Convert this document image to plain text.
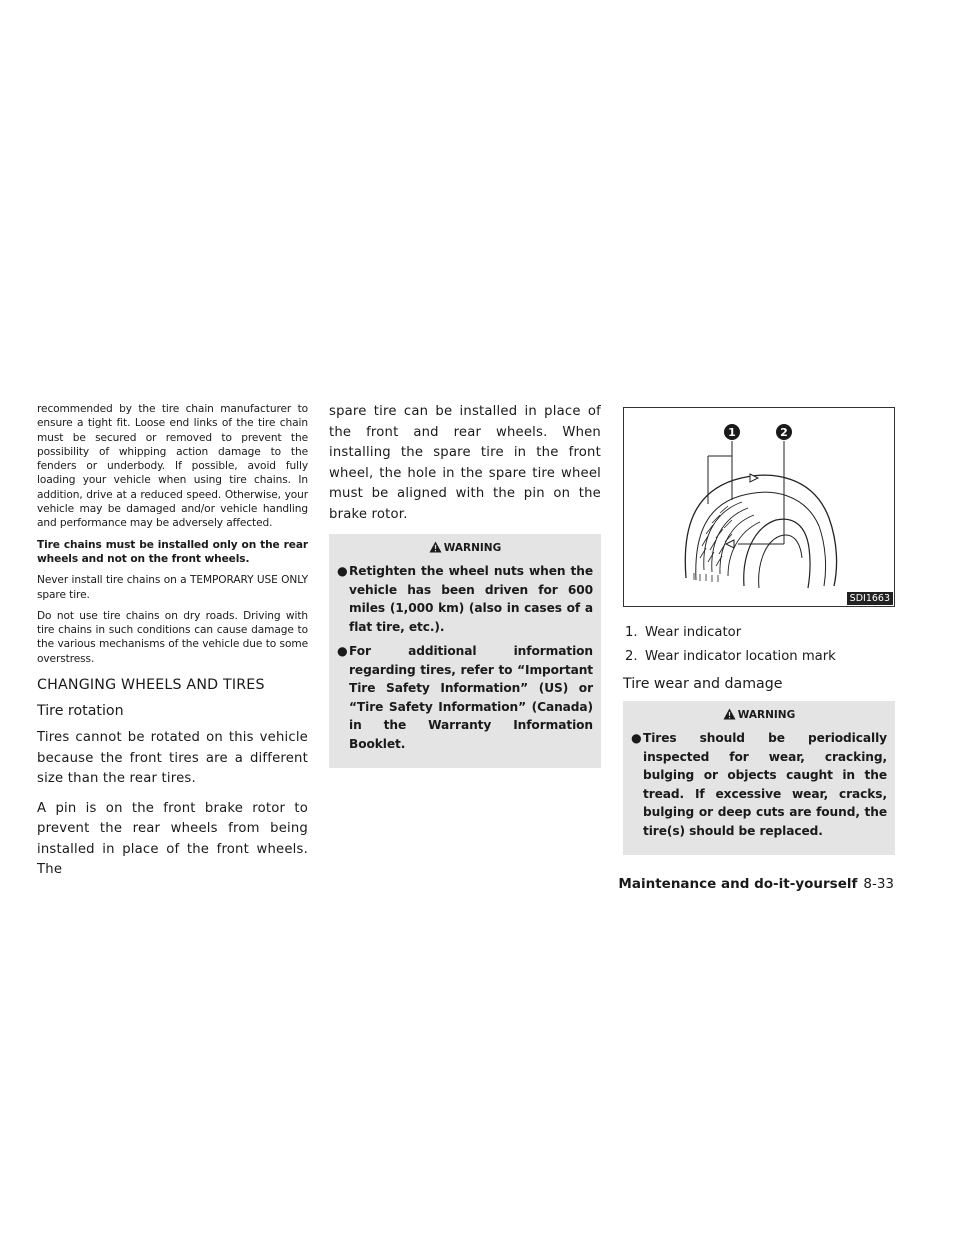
recommended by the tire chain manufacturer to ensure a tight fit. Loose end links of the tire chain must be secured or removed to prevent the possibility of whipping action damage to the fenders or underbody. If possible, avoid fully loading your vehicle when using tire chains. In addition, drive at a reduced speed. Otherwise, your vehicle may be damaged and/or vehicle handling and performance may be adversely affected.

Tire chains must be installed only on the rear wheels and not on the front wheels.

Never install tire chains on a TEMPORARY USE ONLY spare tire.

Do not use tire chains on dry roads. Driving with tire chains in such conditions can cause damage to the various mechanisms of the vehicle due to some overstress.

CHANGING WHEELS AND TIRES
Tire rotation

Tires cannot be rotated on this vehicle because the front tires are a different size than the rear tires.

A pin is on the front brake rotor to prevent the rear wheels from being installed in place of the front wheels. The

spare tire can be installed in place of the front and rear wheels. When installing the spare tire in the front wheel, the hole in the spare tire wheel must be aligned with the pin on the brake rotor.

WARNING
● Retighten the wheel nuts when the vehicle has been driven for 600 miles (1,000 km) (also in cases of a flat tire, etc.).
● For additional information regarding tires, refer to “Important Tire Safety Information” (US) or “Tire Safety Information” (Canada) in the Warranty Information Booklet.
1	2
SDI1663
1. Wear indicator
2. Wear indicator location mark
Tire wear and damage
WARNING
● Tires should be periodically inspected for wear, cracking, bulging or objects caught in the tread. If excessive wear, cracks, bulging or deep cuts are found, the tire(s) should be replaced.
Maintenance and do-it-yourself 8-33
